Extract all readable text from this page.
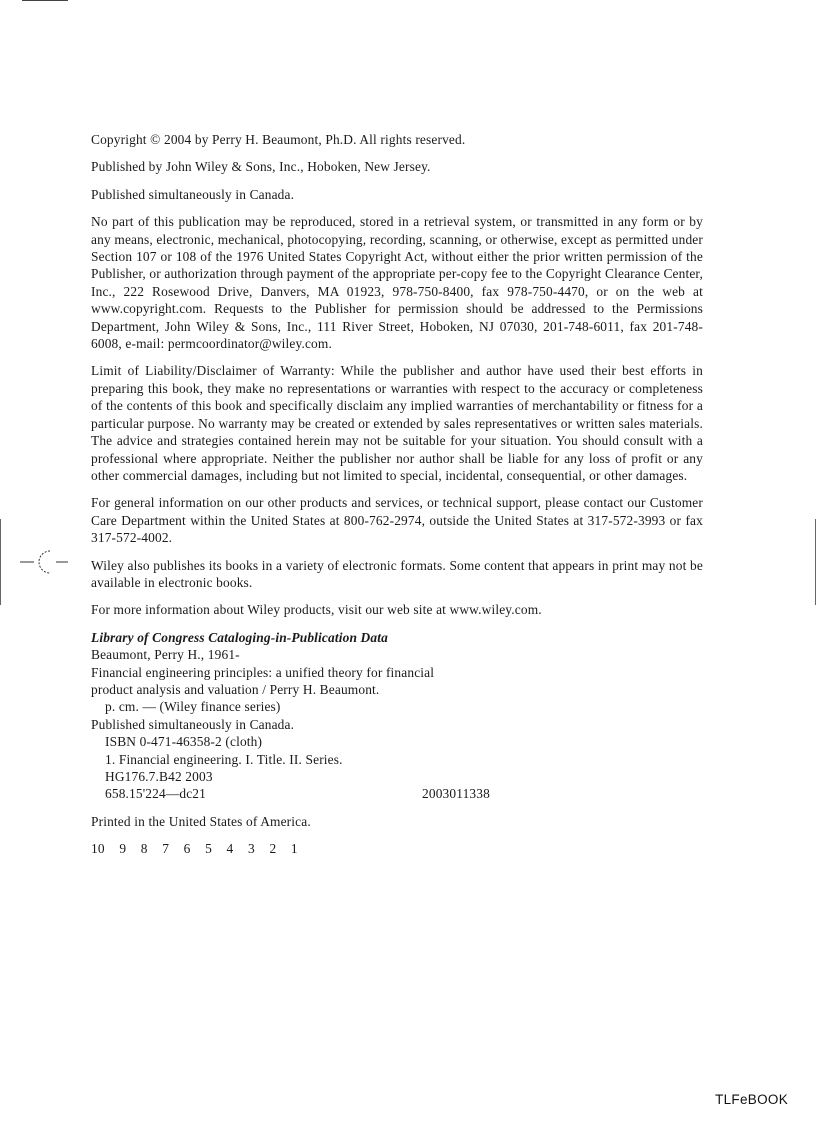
Copyright © 2004 by Perry H. Beaumont, Ph.D. All rights reserved.

Published by John Wiley & Sons, Inc., Hoboken, New Jersey.

Published simultaneously in Canada.

No part of this publication may be reproduced, stored in a retrieval system, or transmitted in any form or by any means, electronic, mechanical, photocopying, recording, scanning, or otherwise, except as permitted under Section 107 or 108 of the 1976 United States Copyright Act, without either the prior written permission of the Publisher, or authorization through payment of the appropriate per-copy fee to the Copyright Clearance Center, Inc., 222 Rosewood Drive, Danvers, MA 01923, 978-750-8400, fax 978-750-4470, or on the web at www.copyright.com. Requests to the Publisher for permission should be addressed to the Permissions Department, John Wiley & Sons, Inc., 111 River Street, Hoboken, NJ 07030, 201-748-6011, fax 201-748-6008, e-mail: permcoordinator@wiley.com.

Limit of Liability/Disclaimer of Warranty: While the publisher and author have used their best efforts in preparing this book, they make no representations or warranties with respect to the accuracy or completeness of the contents of this book and specifically disclaim any implied warranties of merchantability or fitness for a particular purpose. No warranty may be created or extended by sales representatives or written sales materials. The advice and strategies contained herein may not be suitable for your situation. You should consult with a professional where appropriate. Neither the publisher nor author shall be liable for any loss of profit or any other commercial damages, including but not limited to special, incidental, consequential, or other damages.

For general information on our other products and services, or technical support, please contact our Customer Care Department within the United States at 800-762-2974, outside the United States at 317-572-3993 or fax 317-572-4002.

Wiley also publishes its books in a variety of electronic formats. Some content that appears in print may not be available in electronic books.

For more information about Wiley products, visit our web site at www.wiley.com.

Library of Congress Cataloging-in-Publication Data
Beaumont, Perry H., 1961-
Financial engineering principles: a unified theory for financial
product analysis and valuation / Perry H. Beaumont.
p. cm. — (Wiley finance series)
Published simultaneously in Canada.
ISBN 0-471-46358-2 (cloth)
1. Financial engineering. I. Title. II. Series.
HG176.7.B42 2003
658.15'224—dc21	2003011338

Printed in the United States of America.

10 9 8 7 6 5 4 3 2 1

TLFeBOOK
